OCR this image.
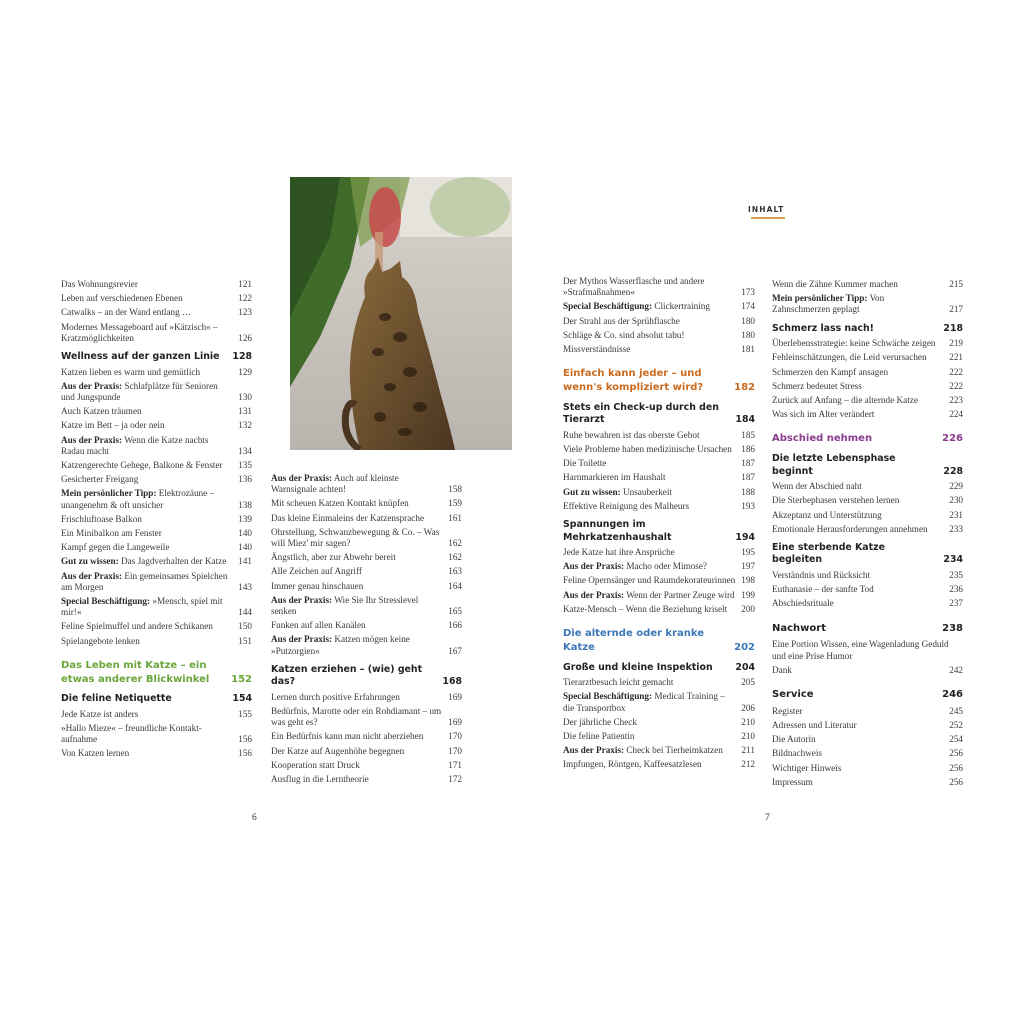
Das Wohnungsrevier	121
Leben auf verschiedenen Ebenen	122
Catwalks – an der Wand entlang …	123
Modernes Messageboard auf »Kätzisch« – Kratzmöglichkeiten	126
Wellness auf der ganzen Linie	128
Katzen lieben es warm und gemütlich	129
Aus der Praxis: Schlafplätze für Senioren und Jungspunde	130
Auch Katzen träumen	131
Katze im Bett – ja oder nein	132
Aus der Praxis: Wenn die Katze nachts Radau macht	134
Katzengerechte Gehege, Balkone & Fenster	135
Gesicherter Freigang	136
Mein persönlicher Tipp: Elektrozäune – unangenehm & oft unsicher	138
Frischluftoase Balkon	139
Ein Minibalkon am Fenster	140
Kampf gegen die Langeweile	140
Gut zu wissen: Das Jagdverhalten der Katze	141
Aus der Praxis: Ein gemeinsames Spielchen am Morgen	143
Special Beschäftigung: »Mensch, spiel mit mir!«	144
Feline Spielmuffel und andere Schikanen	150
Spielangebote lenken	151
Das Leben mit Katze – ein etwas anderer Blickwinkel	152
Die feline Netiquette	154
Jede Katze ist anders	155
»Hallo Miezе« – freundliche Kontaktaufnahme	156
Von Katzen lernen	156
Aus der Praxis: Auch auf kleinste Warnsignale achten!	158
Mit scheuen Katzen Kontakt knüpfen	159
Das kleine Einmaleins der Katzensprache	161
Ohrstellung, Schwanzbewegung & Co. – Was will Miez' mir sagen?	162
Ängstlich, aber zur Abwehr bereit	162
Alle Zeichen auf Angriff	163
Immer genau hinschauen	164
Aus der Praxis: Wie Sie Ihr Stresslevel senken	165
Funken auf allen Kanälen	166
Aus der Praxis: Katzen mögen keine »Putzorgien«	167
Katzen erziehen – (wie) geht das?	168
Lernen durch positive Erfahrungen	169
Bedürfnis, Marotte oder ein Rohdiamant – um was geht es?	169
Ein Bedürfnis kann man nicht aberziehen	170
Der Katze auf Augenhöhe begegnen	170
Kooperation statt Druck	171
Ausflug in die Lerntheorie	172
6
INHALT
Der Mythos Wasserflasche und andere »Strafmaßnahmen«	173
Special Beschäftigung: Clickertraining	174
Der Strahl aus der Sprühflasche	180
Schläge & Co. sind absolut tabu!	180
Missverständnisse	181
Einfach kann jeder – und wenn's kompliziert wird?	182
Stets ein Check-up durch den Tierarzt	184
Ruhe bewahren ist das oberste Gebot	185
Viele Probleme haben medizinische Ursachen	186
Die Toilette	187
Harnmarkieren im Haushalt	187
Gut zu wissen: Unsauberkeit	188
Effektive Reinigung des Malheurs	193
Spannungen im Mehrkatzenhaushalt	194
Jede Katze hat ihre Ansprüche	195
Aus der Praxis: Macho oder Mimose?	197
Feline Opernsänger und Raumdekorateurinnen 198
Aus der Praxis: Wenn der Partner Zeuge wird 199
Katze-Mensch – Wenn die Beziehung kriselt	200
Die alternde oder kranke Katze	202
Große und kleine Inspektion	204
Tierarztbesuch leicht gemacht	205
Special Beschäftigung: Medical Training – die Transportbox	206
Der jährliche Check	210
Die feline Patientin	210
Aus der Praxis: Check bei Tierheimkatzen	211
Impfungen, Röntgen, Kaffeesatzlesen	212
Wenn die Zähne Kummer machen	215
Mein persönlicher Tipp: Von Zahnschmerzen geplagt	217
Schmerz lass nach!	218
Überlebensstrategie: keine Schwäche zeigen	219
Fehleinschätzungen, die Leid verursachen	221
Schmerzen den Kampf ansagen	222
Schmerz bedeutet Stress	222
Zurück auf Anfang – die alternde Katze	223
Was sich im Alter verändert	224
Abschied nehmen	226
Die letzte Lebensphase beginnt	228
Wenn der Abschied naht	229
Die Sterbephasen verstehen lernen	230
Akzeptanz und Unterstützung	231
Emotionale Herausforderungen annehmen	233
Eine sterbende Katze begleiten	234
Verständnis und Rücksicht	235
Euthanasie – der sanfte Tod	236
Abschiedsrituale	237
Nachwort	238
Eine Portion Wissen, eine Wagenladung Geduld und eine Prise Humor
Dank	242
Service	246
Register	245
Adressen und Literatur	252
Die Autorin	254
Bildnachweis	256
Wichtiger Hinweis	256
Impressum	256
7
